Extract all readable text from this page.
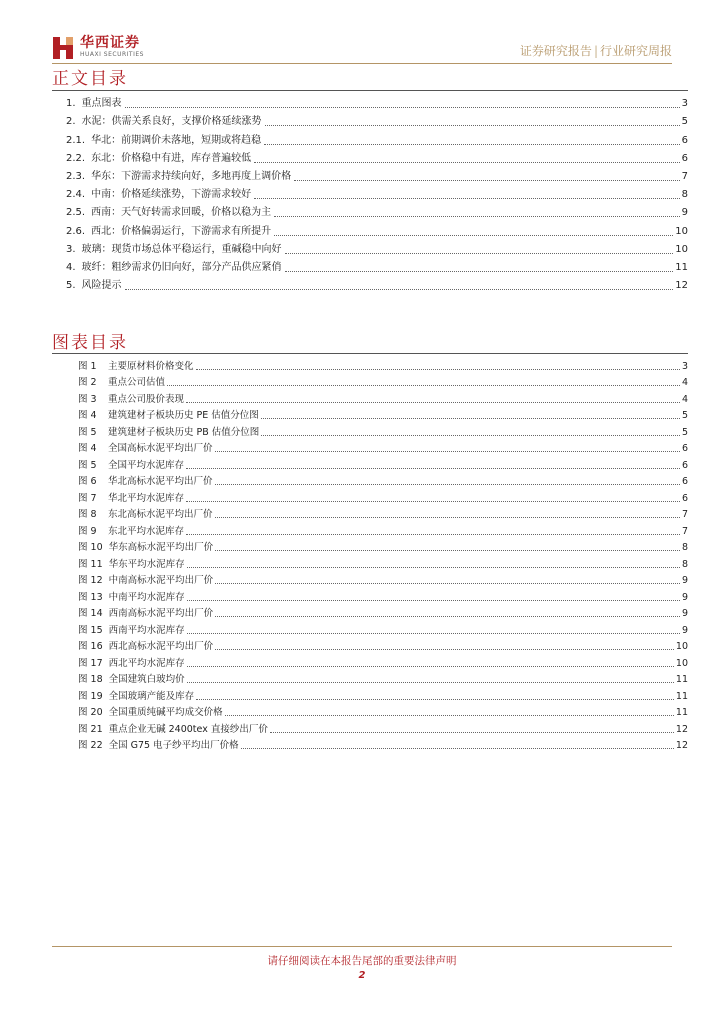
华西证券
HUAXI SECURITIES	证券研究报告 | 行业研究周报
正文目录
1. 重点图表	3
2. 水泥：供需关系良好，支撑价格延续涨势	5
2.1. 华北：前期调价未落地，短期或将趋稳	6
2.2. 东北：价格稳中有进，库存普遍较低	6
2.3. 华东：下游需求持续向好，多地再度上调价格	7
2.4. 中南：价格延续涨势，下游需求较好	8
2.5. 西南：天气好转需求回暖，价格以稳为主	9
2.6. 西北：价格偏弱运行，下游需求有所提升	10
3. 玻璃：现货市场总体平稳运行，重碱稳中向好	10
4. 玻纤：粗纱需求仍旧向好，部分产品供应紧俏	11
5. 风险提示	12
图表目录
图 1	主要原材料价格变化	3
图 2	重点公司估值	4
图 3	重点公司股价表现	4
图 4	建筑建材子板块历史 PE 估值分位图	5
图 5	建筑建材子板块历史 PB 估值分位图	5
图 4	全国高标水泥平均出厂价	6
图 5	全国平均水泥库存	6
图 6	华北高标水泥平均出厂价	6
图 7	华北平均水泥库存	6
图 8	东北高标水泥平均出厂价	7
图 9	东北平均水泥库存	7
图 10 华东高标水泥平均出厂价	8
图 11 华东平均水泥库存	8
图 12 中南高标水泥平均出厂价	9
图 13 中南平均水泥库存	9
图 14 西南高标水泥平均出厂价	9
图 15 西南平均水泥库存	9
图 16 西北高标水泥平均出厂价	10
图 17 西北平均水泥库存	10
图 18 全国建筑白玻均价	11
图 19 全国玻璃产能及库存	11
图 20 全国重质纯碱平均成交价格	11
图 21 重点企业无碱 2400tex 直接纱出厂价	12
图 22 全国 G75 电子纱平均出厂价格	12
请仔细阅读在本报告尾部的重要法律声明
2
